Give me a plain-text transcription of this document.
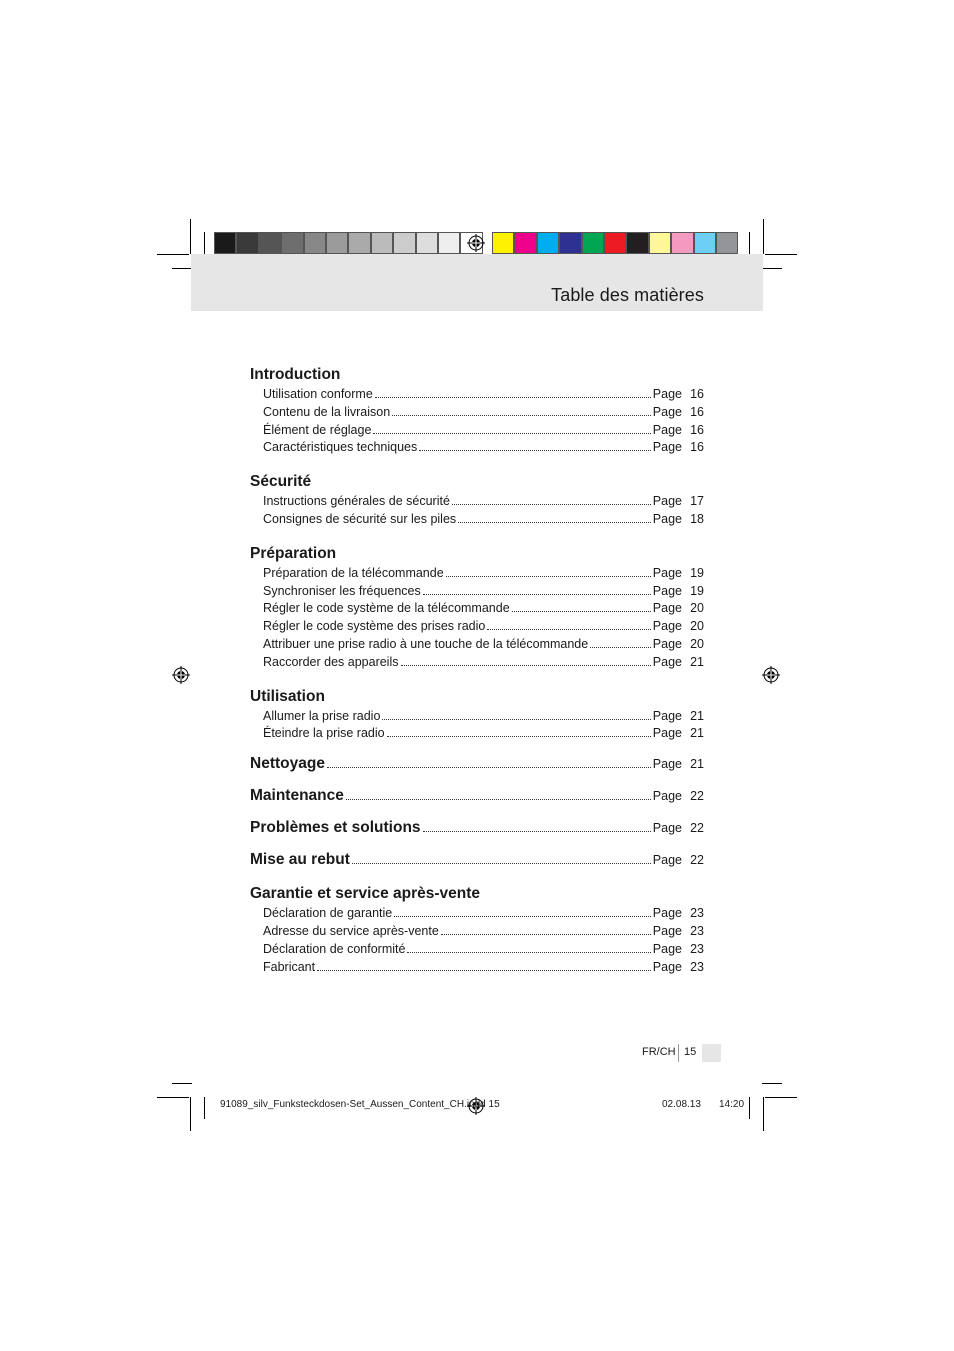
Table des matières
Introduction
Utilisation conforme	Page 16
Contenu de la livraison	Page 16
Élément de réglage	Page 16
Caractéristiques techniques	Page 16
Sécurité
Instructions générales de sécurité	Page 17
Consignes de sécurité sur les piles	Page 18
Préparation
Préparation de la télécommande	Page 19
Synchroniser les fréquences	Page 19
Régler le code système de la télécommande	Page 20
Régler le code système des prises radio	Page 20
Attribuer une prise radio à une touche de la télécommande	Page 20
Raccorder des appareils	Page 21
Utilisation
Allumer la prise radio	Page 21
Éteindre la prise radio	Page 21
Nettoyage	Page 21
Maintenance	Page 22
Problèmes et solutions	Page 22
Mise au rebut	Page 22
Garantie et service après-vente
Déclaration de garantie	Page 23
Adresse du service après-vente	Page 23
Déclaration de conformité	Page 23
Fabricant	Page 23
FR/CH 15
91089_silv_Funksteckdosen-Set_Aussen_Content_CH.indd 15	02.08.13 14:20
